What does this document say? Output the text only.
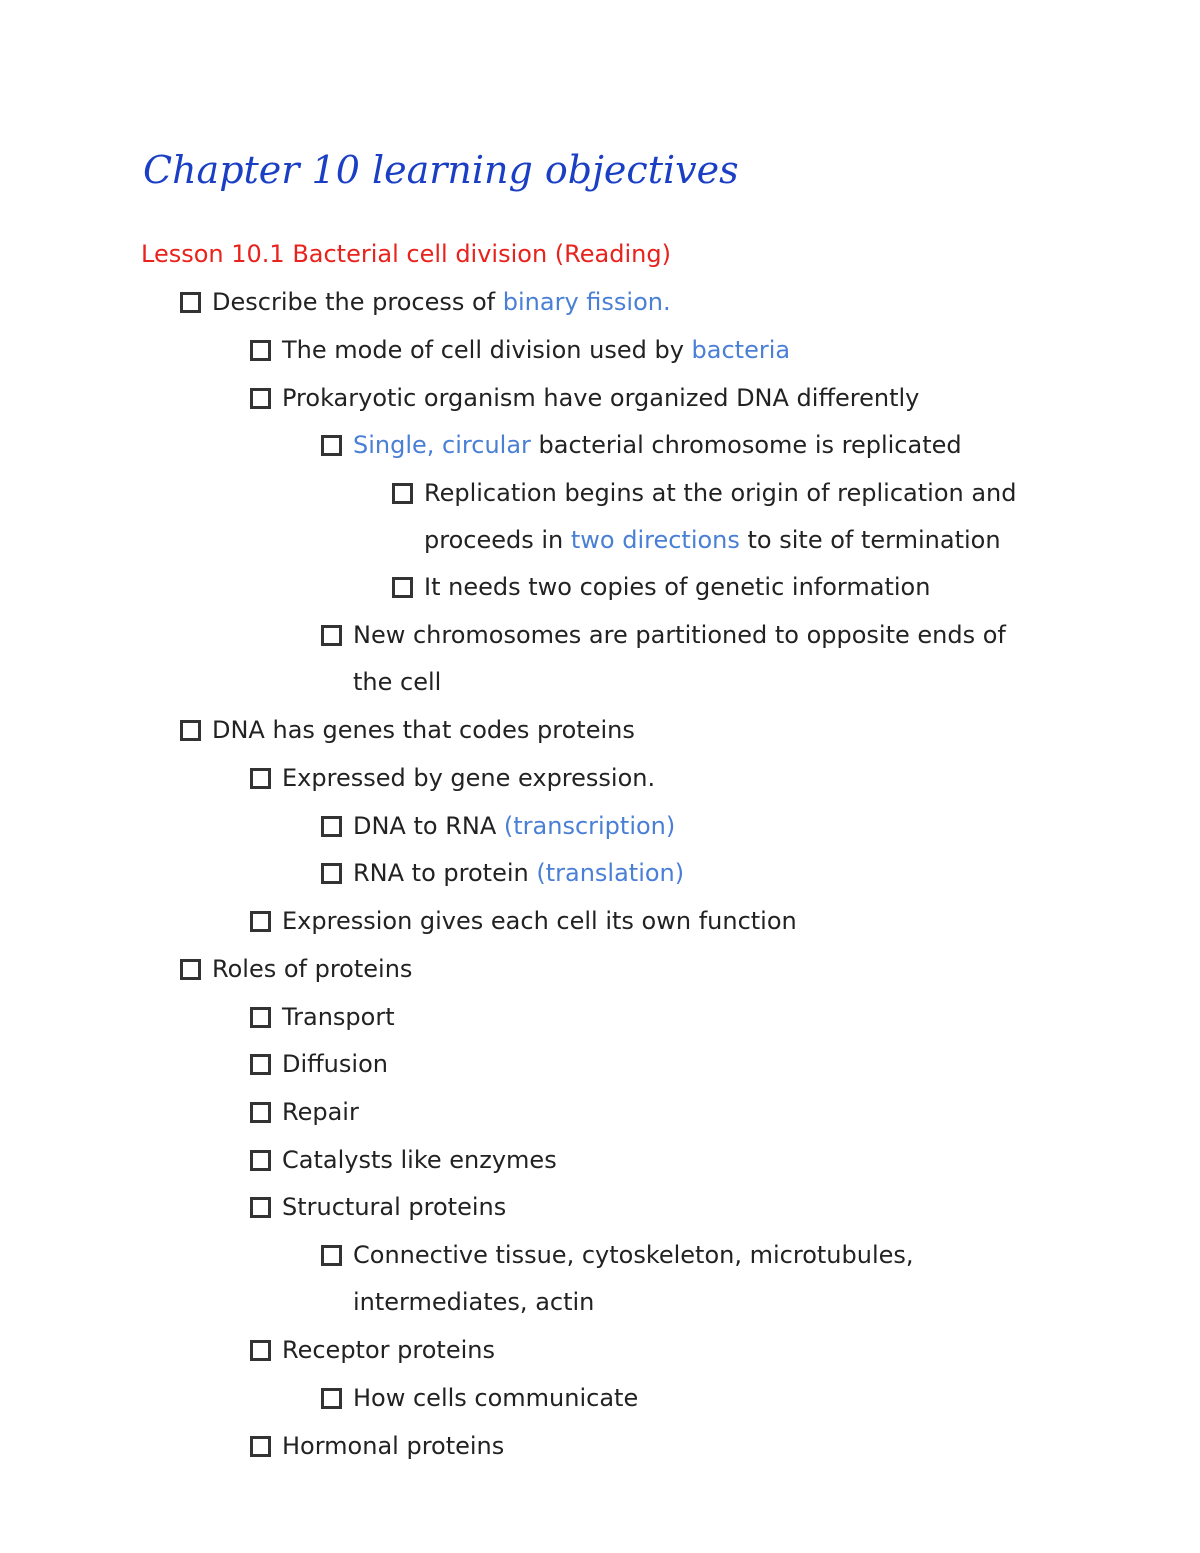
Chapter 10 learning objectives
Lesson 10.1 Bacterial cell division (Reading)
Describe the process of binary fission.
The mode of cell division used by bacteria
Prokaryotic organism have organized DNA differently
Single, circular bacterial chromosome is replicated
Replication begins at the origin of replication and
proceeds in two directions to site of termination
It needs two copies of genetic information
New chromosomes are partitioned to opposite ends of
the cell
DNA has genes that codes proteins
Expressed by gene expression.
DNA to RNA (transcription)
RNA to protein (translation)
Expression gives each cell its own function
Roles of proteins
Transport
Diffusion
Repair
Catalysts like enzymes
Structural proteins
Connective tissue, cytoskeleton, microtubules,
intermediates, actin
Receptor proteins
How cells communicate
Hormonal proteins
